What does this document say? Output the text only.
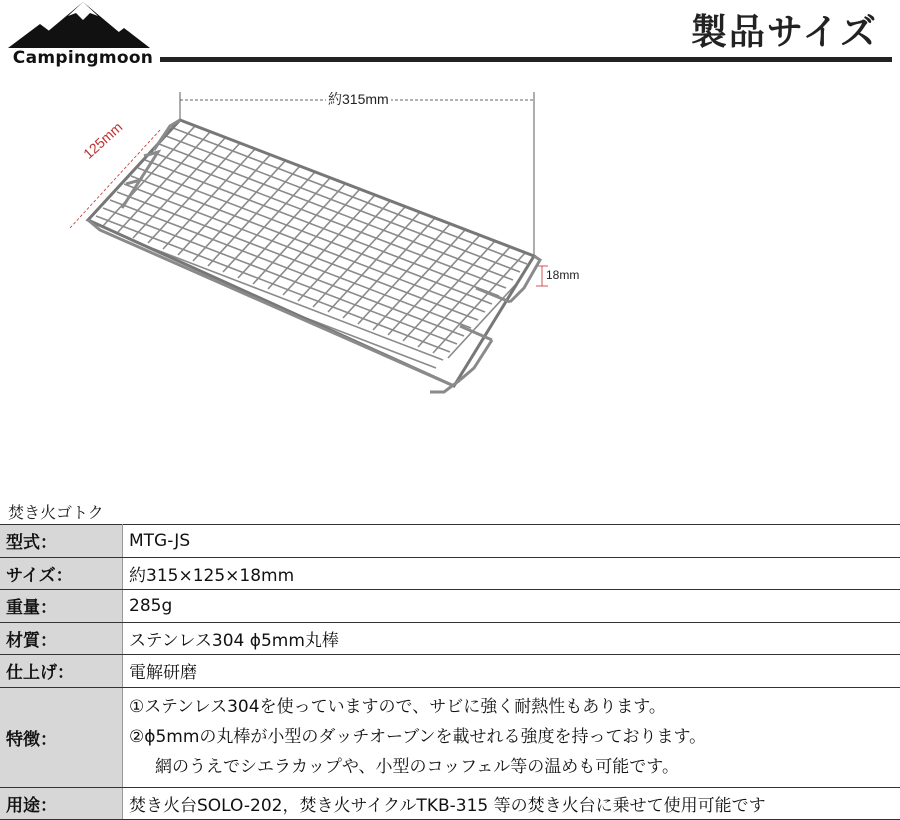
Campingmoon
製品サイズ
約315mm
125mm
18mm
焚き火ゴトク
型式：	MTG-JS
サイズ：	約315×125×18mm
重量：	285g
材質：	ステンレス304 ϕ5mm丸棒
仕上げ：	電解研磨
特徴：	①ステンレス304を使っていますので、サビに強く耐熱性もあります。
②ϕ5mmの丸棒が小型のダッチオーブンを載せれる強度を持っております。
網のうえでシエラカップや、小型のコッフェル等の温めも可能です。

用途：	焚き火台SOLO-202，焚き火サイクルTKB-315 等の焚き火台に乗せて使用可能です
